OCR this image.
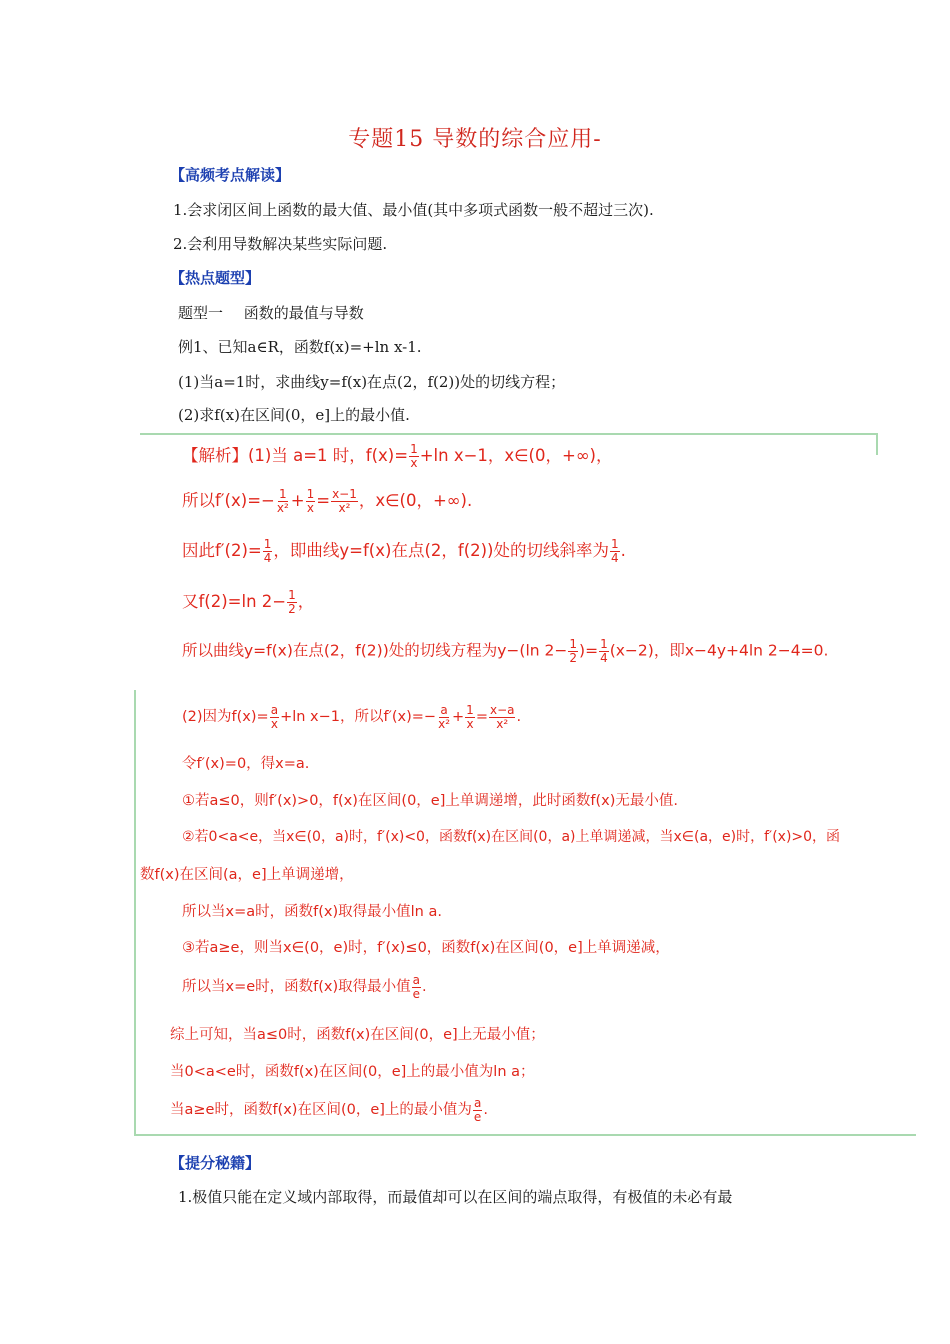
专题15 导数的综合应用-
【高频考点解读】
1.会求闭区间上函数的最大值、最小值(其中多项式函数一般不超过三次).
2.会利用导数解决某些实际问题.
【热点题型】
题型一 函数的最值与导数
例1、已知a∈R，函数f(x)=+ln x-1.
(1)当a=1时，求曲线y=f(x)在点(2，f(2))处的切线方程；
(2)求f(x)在区间(0，e]上的最小值.
【解析】(1)当 a=1 时，$f(x)= \frac{1}{x} +\ln$ x−1，x∈(0，+∞)，
所以$f'(x)=- \frac{1}{\text{x²}} + \frac{1}{x} = \frac{x-1}{\text{x²}}$ ，x∈(0，+∞).
因此$f'(2)= \frac{1}{4}$ ，即曲线y=f(x)在点(2，f(2))处的切线斜率为 $\frac{1}{4}$ .
又f(2)=ln $2- \frac{1}{2}$ ，
所以曲线y=f(x)在点(2，f(2))处的切线方程为y−(ln $2- \frac{1}{2}$ )= $\frac{1}{4} (x-2)$，即x−4y+4ln 2−4=0.
(2)因为$f(x)= \frac{a}{x} +\ln$ x−1，所以$f'(x)=- \frac{a}{\text{x²}} + \frac{1}{x} = \frac{x-a}{\text{x²}}$ .
令f′(x)=0，得x=a.
①若a≤0，则f′(x)>0，f(x)在区间(0，e]上单调递增，此时函数f(x)无最小值.
②若0<a<e，当x∈(0，a)时，f′(x)<0，函数f(x)在区间(0，a)上单调递减，当x∈(a，e)时，f′(x)>0，函
数f(x)在区间(a，e]上单调递增，
所以当x=a时，函数f(x)取得最小值ln a.
③若a≥e，则当x∈(0，e)时，f′(x)≤0，函数f(x)在区间(0，e]上单调递减，
所以当x=e时，函数f(x)取得最小值 $\frac{a}{e}$ .
综上可知，当a≤0时，函数f(x)在区间(0，e]上无最小值；
当0<a<e时，函数f(x)在区间(0，e]上的最小值为ln a；
当a≥e时，函数f(x)在区间(0，e]上的最小值为 $\frac{a}{e}$ .
【提分秘籍】
1.极值只能在定义域内部取得，而最值却可以在区间的端点取得，有极值的未必有最
